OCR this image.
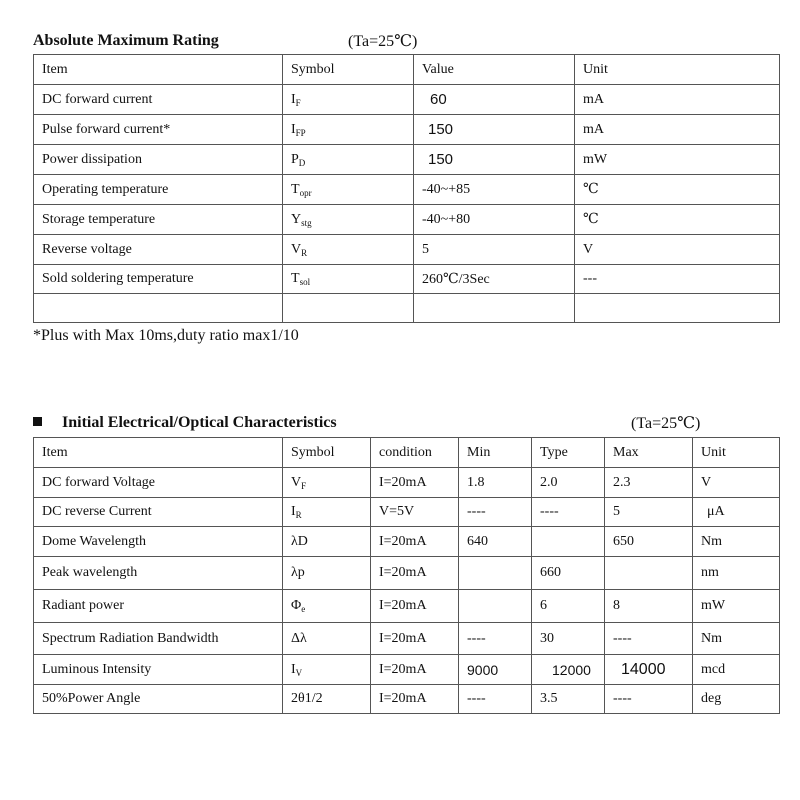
Absolute Maximum Rating	(Ta=25℃)
Item	Symbol	Value	Unit
DC forward current	$I_F$	60	mA
Pulse forward current*	$I_{FP}$	150	mA
Power dissipation	$P_D$	150	mW
Operating temperature	$T_{opr}$	-40~+85	℃
Storage temperature	$Y_{stg}$	-40~+80	℃
Reverse voltage	$V_R$	5	V
Sold soldering temperature	$T_{sol}$	260℃/3Sec	---

*Plus with Max 10ms,duty ratio max1/10
Initial Electrical/Optical Characteristics	(Ta=25℃)
Item	Symbol	condition	Min	Type	Max	Unit
DC forward Voltage	$V_F$	I=20mA	1.8	2.0	2.3	V
DC reverse Current	$I_R$	V=5V	----	----	5	μA
Dome Wavelength	λD	I=20mA	640		650	Nm
Peak wavelength	λp	I=20mA		660		nm
Radiant power	$\Phi_e$	I=20mA		6	8	mW
Spectrum Radiation Bandwidth	Δλ	I=20mA	----	30	----	Nm
Luminous Intensity	$I_V$	I=20mA	9000	12000	14000	mcd
50%Power Angle	2θ1/2	I=20mA	----	3.5	----	deg
